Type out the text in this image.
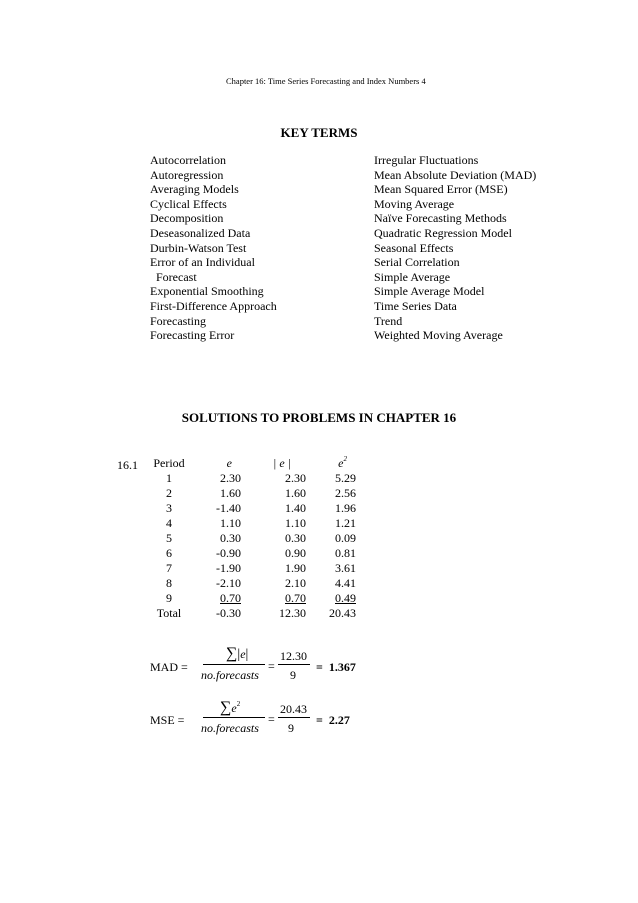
Chapter 16: Time Series Forecasting and Index Numbers 4
KEY TERMS
Autocorrelation
Autoregression
Averaging Models
Cyclical Effects
Decomposition
Deseasonalized Data
Durbin-Watson Test
Error of an Individual
Forecast
Exponential Smoothing
First-Difference Approach
Forecasting
Forecasting Error
Irregular Fluctuations
Mean Absolute Deviation (MAD)
Mean Squared Error (MSE)
Moving Average
Naïve Forecasting Methods
Quadratic Regression Model
Seasonal Effects
Serial Correlation
Simple Average
Simple Average Model
Time Series Data
Trend
Weighted Moving Average
SOLUTIONS TO PROBLEMS IN CHAPTER 16
16.1 Period	e	| e |	$e^2$
1	2.30	2.30	5.29
2	1.60	1.60	2.56
3	-1.40	1.40	1.96
4	1.10	1.10	1.21
5	0.30	0.30	0.09
6	-0.90	0.90	0.81
7	-1.90	1.90	3.61
8	-2.10	2.10	4.41
9	0.70	0.70	0.49
Total	-0.30	12.30	20.43
MAD =
∑|e|
no.forecasts
=
12.30
9
=  1.367
MSE =
$\sum e^2$
no.forecasts
=
20.43
9
=  2.27
